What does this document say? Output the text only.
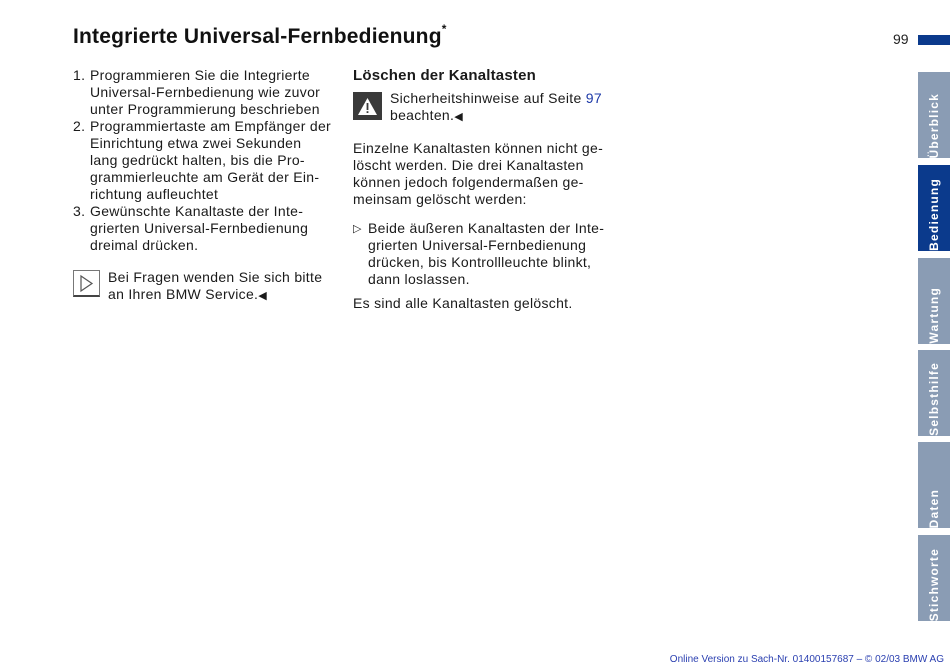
Integrierte Universal-Fernbedienung*
99
1. Programmieren Sie die Integrierte
Universal-Fernbedienung wie zuvor
unter Programmierung beschrieben
2. Programmiertaste am Empfänger der
Einrichtung etwa zwei Sekunden
lang gedrückt halten, bis die Pro-
grammierleuchte am Gerät der Ein-
richtung aufleuchtet
3. Gewünschte Kanaltaste der Inte-
grierten Universal-Fernbedienung
dreimal drücken.
Bei Fragen wenden Sie sich bitte
an Ihren BMW Service.◀
Löschen der Kanaltasten
Sicherheitshinweise auf Seite 97
beachten.◀
Einzelne Kanaltasten können nicht ge-
löscht werden. Die drei Kanaltasten
können jedoch folgendermaßen ge-
meinsam gelöscht werden:
▷ Beide äußeren Kanaltasten der Inte-
grierten Universal-Fernbedienung
drücken, bis Kontrollleuchte blinkt,
dann loslassen.
Es sind alle Kanaltasten gelöscht.
Überblick
Bedienung
Wartung
Selbsthilfe
Daten
Stichworte
Online Version zu Sach-Nr. 01400157687 – © 02/03 BMW AG
